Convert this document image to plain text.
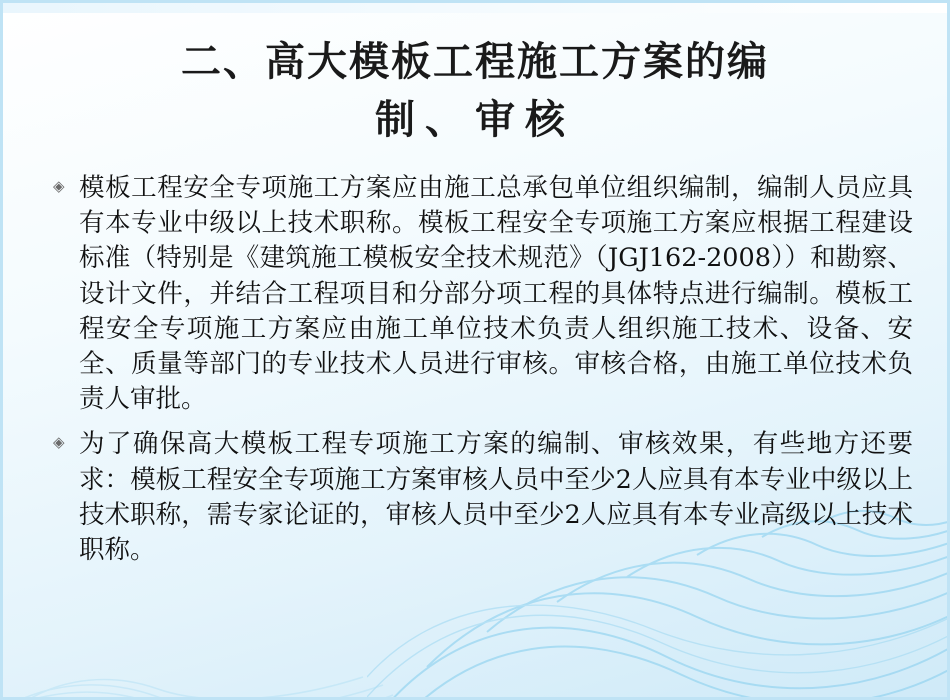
二、高大模板工程施工方案的编
制、审核
◈ 模板工程安全专项施工方案应由施工总承包单位组织编制，编制人员应具有本专业中级以上技术职称。模板工程安全专项施工方案应根据工程建设标准（特别是《建筑施工模板安全技术规范》（JGJ162-2008））和勘察、设计文件，并结合工程项目和分部分项工程的具体特点进行编制。模板工程安全专项施工方案应由施工单位技术负责人组织施工技术、设备、安全、质量等部门的专业技术人员进行审核。审核合格，由施工单位技术负责人审批。
◈ 为了确保高大模板工程专项施工方案的编制、审核效果，有些地方还要求：模板工程安全专项施工方案审核人员中至少2人应具有本专业中级以上技术职称，需专家论证的，审核人员中至少2人应具有本专业高级以上技术职称。
